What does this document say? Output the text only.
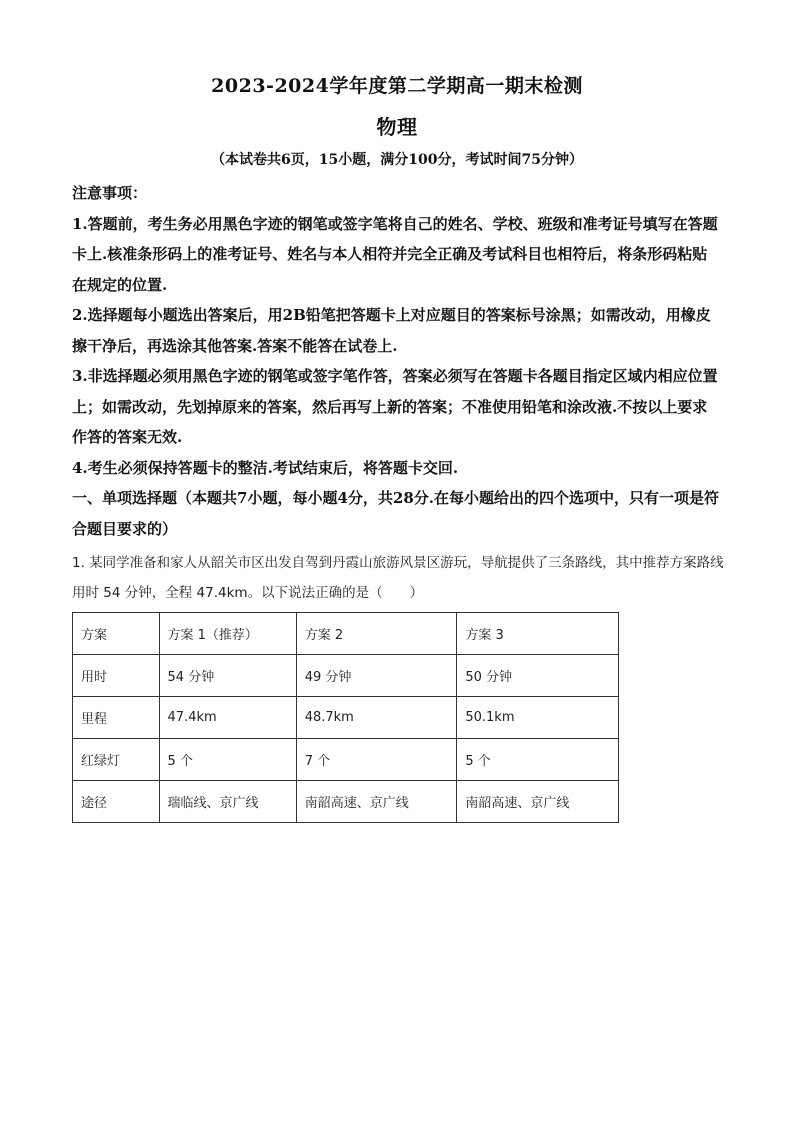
2023-2024学年度第二学期高一期末检测
物理
（本试卷共6页，15小题，满分100分，考试时间75分钟）

注意事项：

1.答题前，考生务必用黑色字迹的钢笔或签字笔将自己的姓名、学校、班级和准考证号填写在答题卡上.核准条形码上的准考证号、姓名与本人相符并完全正确及考试科目也相符后，将条形码粘贴在规定的位置.

2.选择题每小题选出答案后，用2B铅笔把答题卡上对应题目的答案标号涂黑；如需改动，用橡皮擦干净后，再选涂其他答案.答案不能答在试卷上.

3.非选择题必须用黑色字迹的钢笔或签字笔作答，答案必须写在答题卡各题目指定区域内相应位置上；如需改动，先划掉原来的答案，然后再写上新的答案；不准使用铅笔和涂改液.不按以上要求作答的答案无效.

4.考生必须保持答题卡的整洁.考试结束后，将答题卡交回.

一、单项选择题（本题共7小题，每小题4分，共28分.在每小题给出的四个选项中，只有一项是符合题目要求的）

1. 某同学准备和家人从韶关市区出发自驾到丹霞山旅游风景区游玩，导航提供了三条路线，其中推荐方案路线用时 54 分钟，全程 47.4km。以下说法正确的是（　　）

方案	方案 1（推荐）	方案 2	方案 3
用时	54 分钟	49 分钟	50 分钟
里程	47.4km	48.7km	50.1km
红绿灯	5 个	7 个	5 个
途径	瑞临线、京广线	南韶高速、京广线	南韶高速、京广线
